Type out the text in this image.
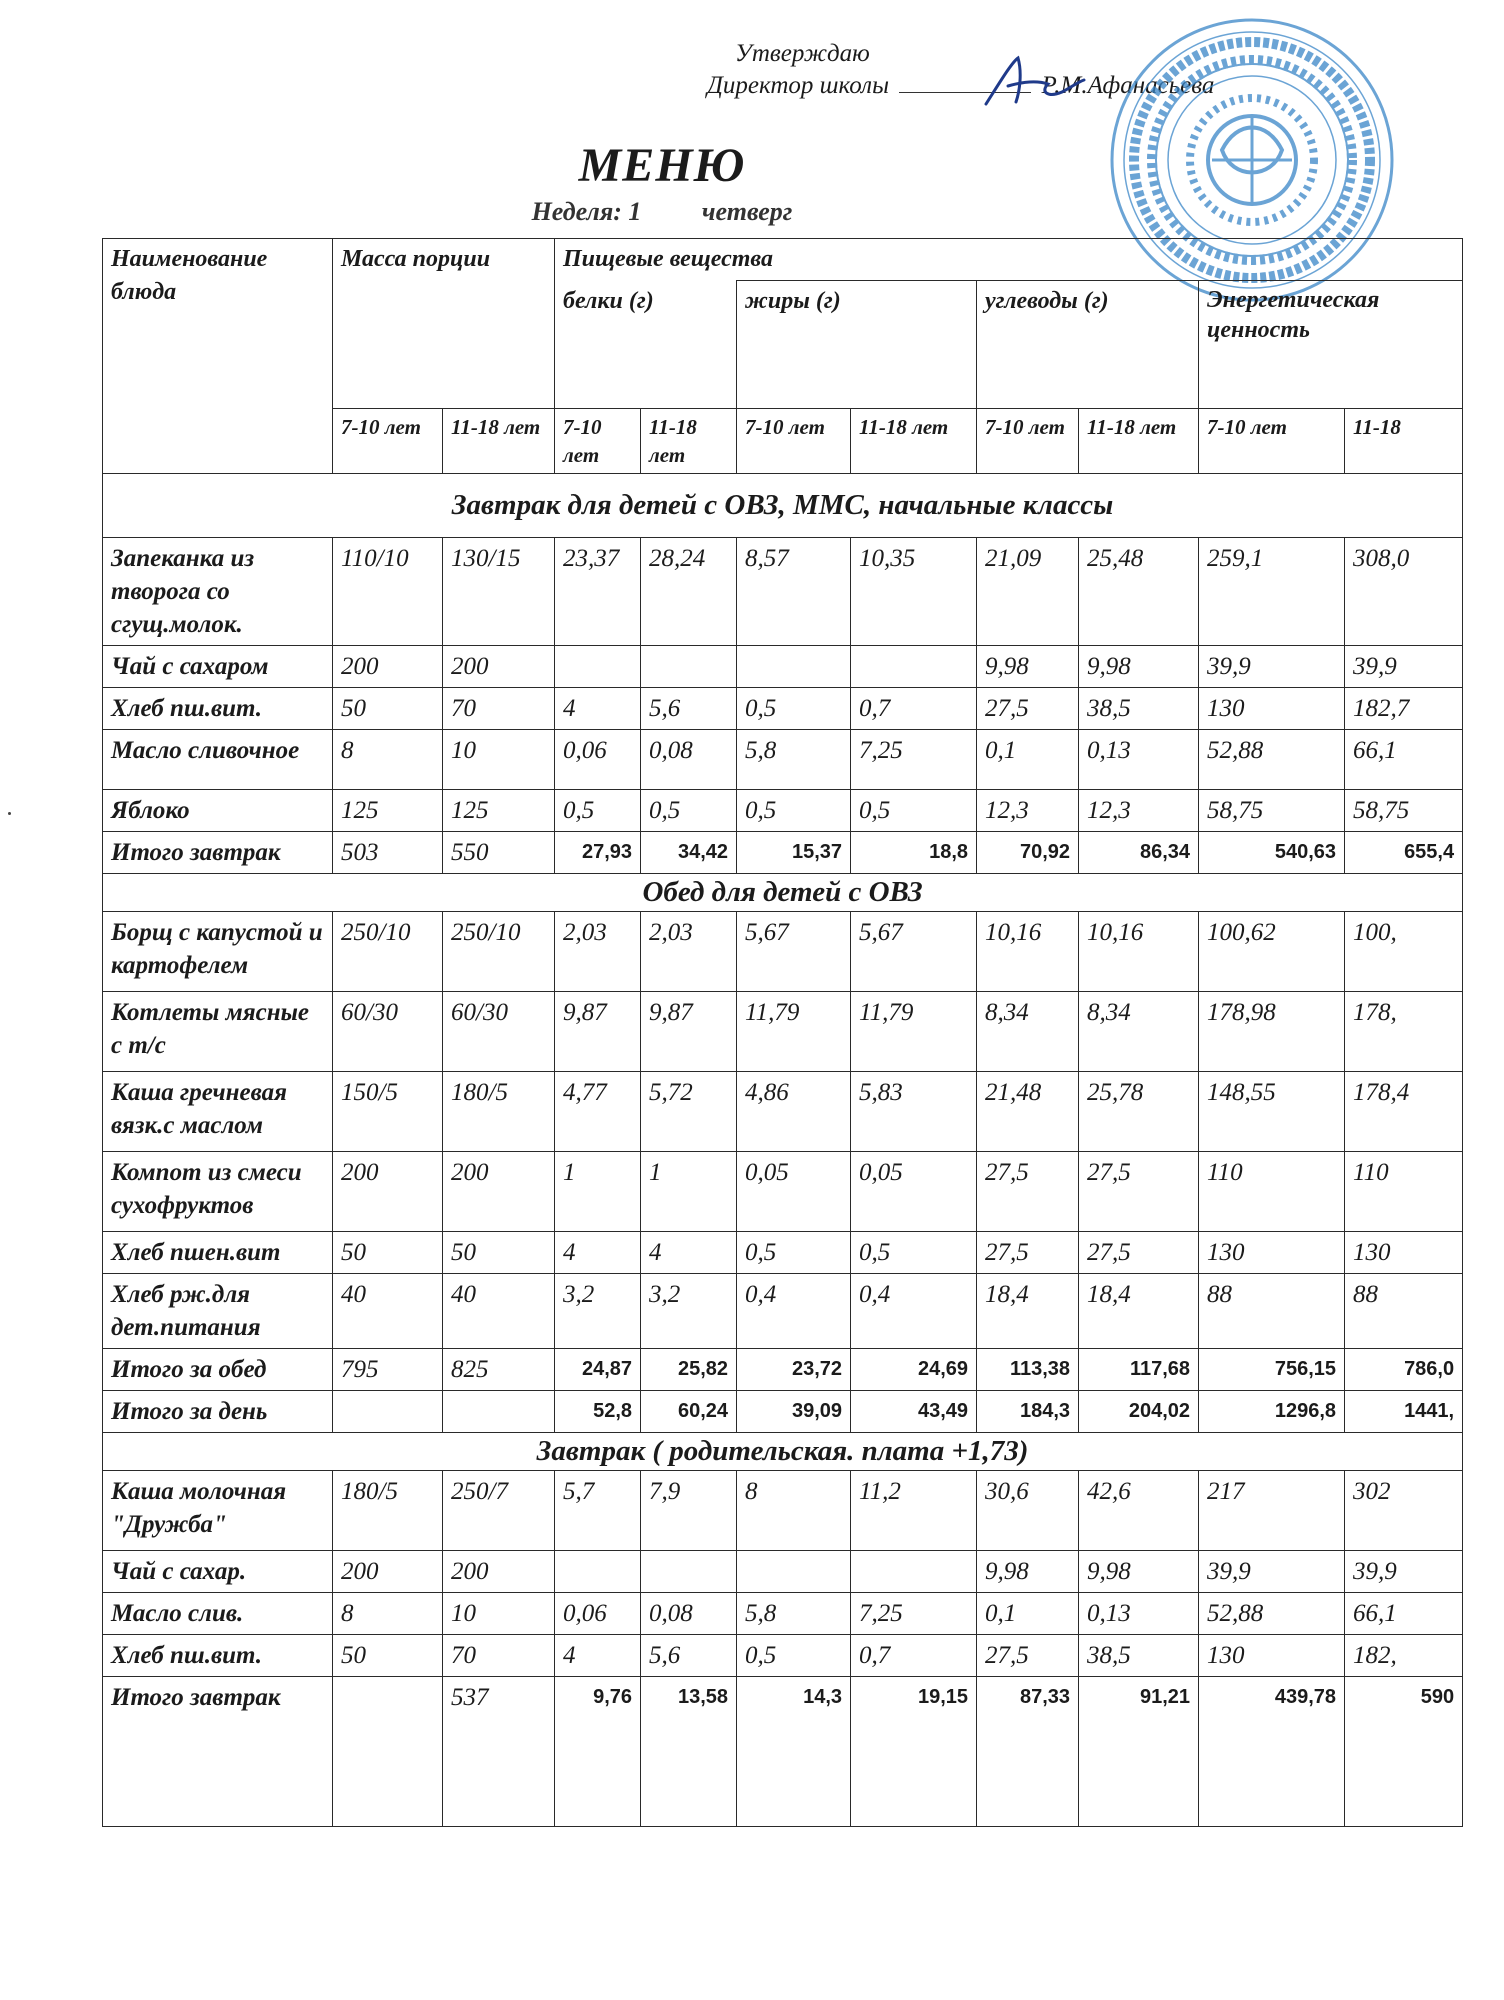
Утверждаю
Директор школы	Р.М.Афанасьева
МЕНЮ
Неделя: 1 четверг
Наименование блюда	Масса порции		Пищевые вещества							
			белки (г)		жиры (г)		углеводы (г)		Энергетическая
ценность	
	7-10 лет	11-18 лет	7-10 лет	11-18 лет	7-10 лет	11-18 лет	7-10 лет	11-18 лет	7-10 лет	11-18
Завтрак для детей с ОВЗ, ММС, начальные классы										
Запеканка из творога со сгущ.молок.	110/10	130/15	23,37	28,24	8,57	10,35	21,09	25,48	259,1	308,0
Чай с сахаром	200	200					9,98	9,98	39,9	39,9
Хлеб пш.вит.	50	70	4	5,6	0,5	0,7	27,5	38,5	130	182,7
Масло сливочное	8	10	0,06	0,08	5,8	7,25	0,1	0,13	52,88	66,1
Яблоко	125	125	0,5	0,5	0,5	0,5	12,3	12,3	58,75	58,75
Итого завтрак	503	550	27,93	34,42	15,37	18,8	70,92	86,34	540,63	655,4
Обед для детей с ОВЗ										
Борщ с капустой и картофелем	250/10	250/10	2,03	2,03	5,67	5,67	10,16	10,16	100,62	100,
Котлеты мясные с т/с	60/30	60/30	9,87	9,87	11,79	11,79	8,34	8,34	178,98	178,
Каша гречневая вязк.с маслом	150/5	180/5	4,77	5,72	4,86	5,83	21,48	25,78	148,55	178,4
Компот из смеси сухофруктов	200	200	1	1	0,05	0,05	27,5	27,5	110	110
Хлеб пшен.вит	50	50	4	4	0,5	0,5	27,5	27,5	130	130
Хлеб рж.для дет.питания	40	40	3,2	3,2	0,4	0,4	18,4	18,4	88	88
Итого за обед	795	825	24,87	25,82	23,72	24,69	113,38	117,68	756,15	786,0
Итого за день			52,8	60,24	39,09	43,49	184,3	204,02	1296,8	1441,
Завтрак ( родительская. плата +1,73)										
Каша молочная "Дружба"	180/5	250/7	5,7	7,9	8	11,2	30,6	42,6	217	302
Чай с сахар.	200	200					9,98	9,98	39,9	39,9
Масло слив.	8	10	0,06	0,08	5,8	7,25	0,1	0,13	52,88	66,1
Хлеб пш.вит.	50	70	4	5,6	0,5	0,7	27,5	38,5	130	182,
Итого завтрак		537	9,76	13,58	14,3	19,15	87,33	91,21	439,78	590
